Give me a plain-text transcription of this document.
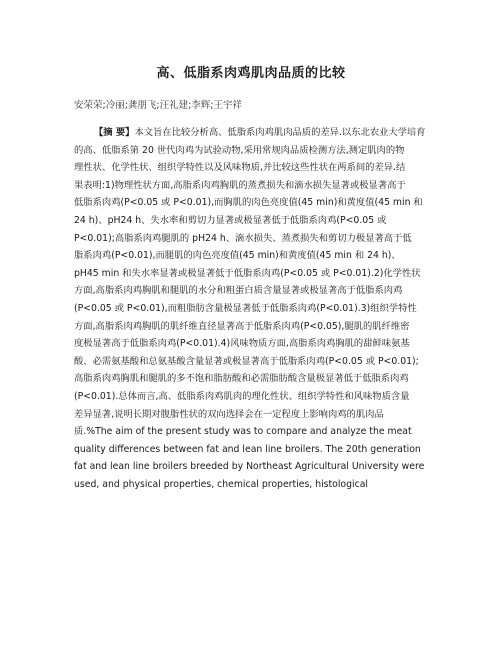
高、低脂系肉鸡肌肉品质的比较
安荣荣;冷丽;龚朋飞;汪礼建;李辉;王宇祥
【摘 要】本文旨在比较分析高、低脂系肉鸡肌肉品质的差异.以东北农业大学培育
的高、低脂系第 20 世代肉鸡为试验动物,采用常规肉品质检测方法,测定肌肉的物
理性状、化学性状、组织学特性以及风味物质,并比较这些性状在两系间的差异.结
果表明:1)物理性状方面,高脂系肉鸡胸肌的蒸煮损失和滴水损失显著或极显著高于
低脂系肉鸡(P<0.05 或 P<0.01),而胸肌的肉色亮度值(45 min)和黄度值(45 min 和
24 h)、pH24 h、失水率和剪切力显著或极显著低于低脂系肉鸡(P<0.05 或
P<0.01);高脂系肉鸡腿肌的 pH24 h、滴水损失、蒸煮损失和剪切力极显著高于低
脂系肉鸡(P<0.01),而腿肌的肉色亮度值(45 min)和黄度值(45 min 和 24 h)、
pH45 min 和失水率显著或极显著低于低脂系肉鸡(P<0.05 或 P<0.01).2)化学性状
方面,高脂系肉鸡胸肌和腿肌的水分和粗蛋白质含量显著或极显著高于低脂系肉鸡
(P<0.05 或 P<0.01),而粗脂肪含量极显著低于低脂系肉鸡(P<0.01).3)组织学特性
方面,高脂系肉鸡胸肌的肌纤维直径显著高于低脂系肉鸡(P<0.05),腿肌的肌纤维密
度极显著高于低脂系肉鸡(P<0.01).4)风味物质方面,高脂系肉鸡胸肌的甜鲜味氨基
酸、必需氨基酸和总氨基酸含量显著或极显著高于低脂系肉鸡(P<0.05 或 P<0.01);
高脂系肉鸡胸肌和腿肌的多不饱和脂肪酸和必需脂肪酸含量极显著低于低脂系肉鸡
(P<0.01).总体而言,高、低脂系肉鸡肌肉的理化性状、组织学特性和风味物质含量
差异显著,说明长期对腹脂性状的双向选择会在一定程度上影响肉鸡的肌肉品
质.%The aim of the present study was to compare and analyze the meat
quality differences between fat and lean line broilers. The 20th generation
fat and lean line broilers breeded by Northeast Agricultural University were
used, and physical properties, chemical properties, histological
